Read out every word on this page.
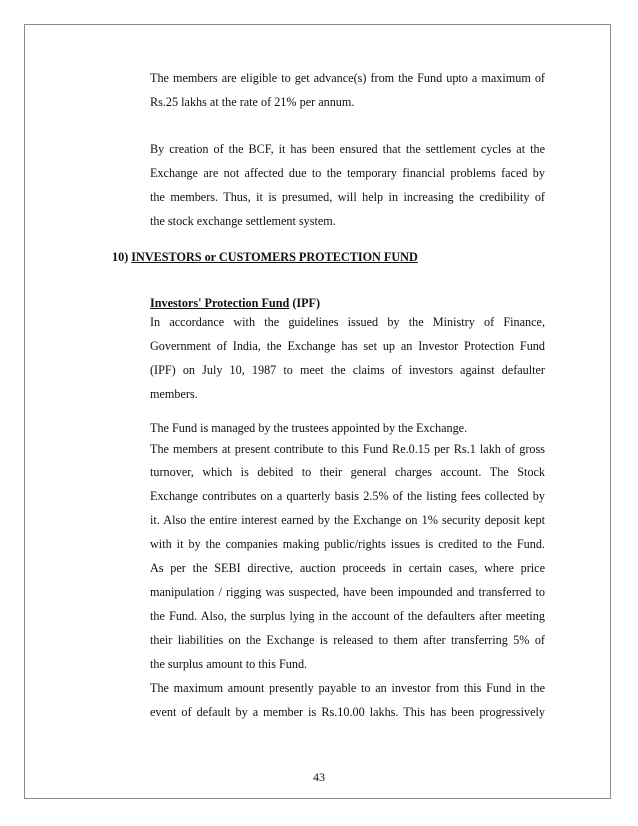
The members are eligible to get advance(s) from the Fund upto a maximum of
Rs.25 lakhs at the rate of 21% per annum.
By creation of the BCF, it has been ensured that the settlement cycles at the
Exchange are not affected due to the temporary financial problems faced by
the members. Thus, it is presumed, will help in increasing the credibility of
the stock exchange settlement system.
10) INVESTORS or CUSTOMERS PROTECTION FUND
Investors' Protection Fund (IPF)
In accordance with the guidelines issued by the Ministry of Finance,
Government of India, the Exchange has set up an Investor Protection Fund
(IPF) on July 10, 1987 to meet the claims of investors against defaulter
members.
The Fund is managed by the trustees appointed by the Exchange.
The members at present contribute to this Fund Re.0.15 per Rs.1 lakh of gross
turnover, which is debited to their general charges account. The Stock
Exchange contributes on a quarterly basis 2.5% of the listing fees collected by
it. Also the entire interest earned by the Exchange on 1% security deposit kept
with it by the companies making public/rights issues is credited to the Fund.
As per the SEBI directive, auction proceeds in certain cases, where price
manipulation / rigging was suspected, have been impounded and transferred to
the Fund. Also, the surplus lying in the account of the defaulters after meeting
their liabilities on the Exchange is released to them after transferring 5% of
the surplus amount to this Fund.
The maximum amount presently payable to an investor from this Fund in the
event of default by a member is Rs.10.00 lakhs. This has been progressively
43
